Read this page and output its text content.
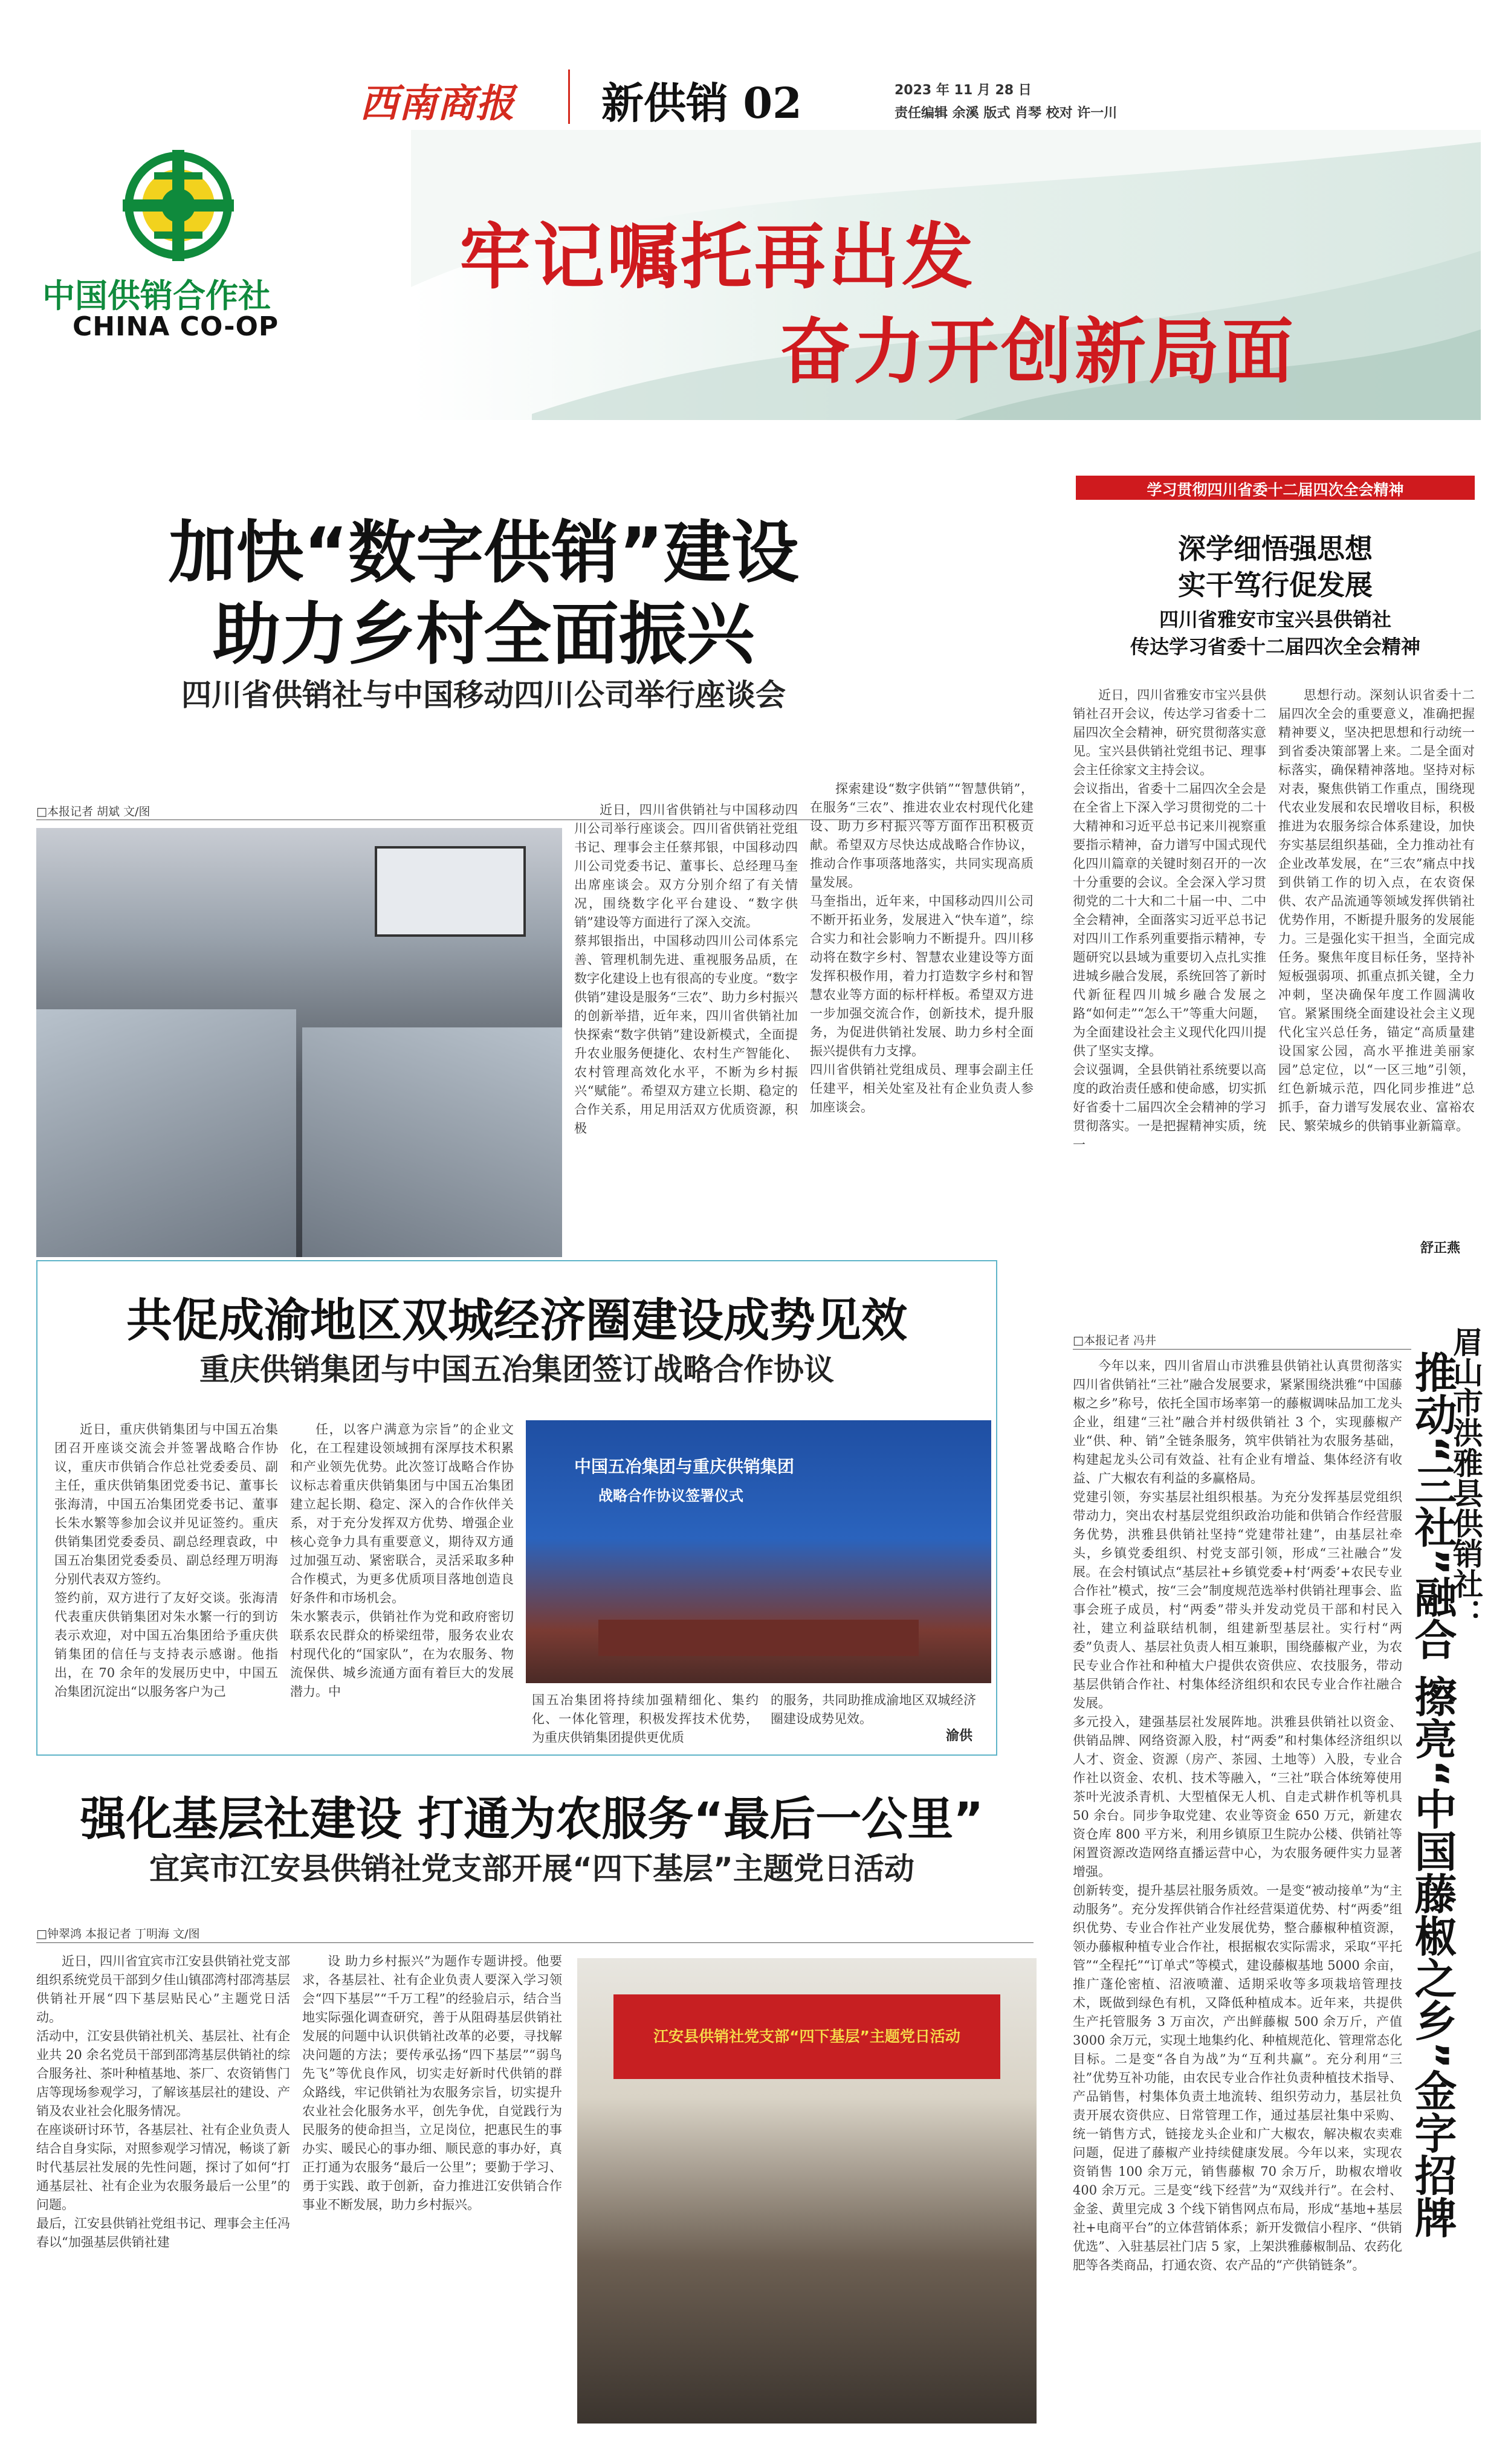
西南商报 新供销 02	2023 年 11 月 28 日
责任编辑 余溪 版式 肖琴 校对 许一川
中国供销合作社
CHINA CO-OP
牢记嘱托再出发
奋力开创新局面
加快“数字供销”建设
助力乡村全面振兴
四川省供销社与中国移动四川公司举行座谈会
□本报记者 胡斌 文/图	近日，四川省供销社与中国移动四川公司举行座谈会。四川省供销社党组书记、理事会主任蔡邦银，中国移动四川公司党委书记、董事长、总经理马奎出席座谈会。双方分别介绍了有关情况，围绕数字化平台建设、“数字供销”建设等方面进行了深入交流。
蔡邦银指出，中国移动四川公司体系完善、管理机制先进、重视服务品质，在数字化建设上也有很高的专业度。“数字供销”建设是服务“三农”、助力乡村振兴的创新举措，近年来，四川省供销社加快探索“数字供销”建设新模式，全面提升农业服务便捷化、农村生产智能化、农村管理高效化水平，不断为乡村振兴“赋能”。希望双方建立长期、稳定的合作关系，用足用活双方优质资源，积极
探索建设“数字供销”“智慧供销”，在服务“三农”、推进农业农村现代化建设、助力乡村振兴等方面作出积极贡献。希望双方尽快达成战略合作协议，推动合作事项落地落实，共同实现高质量发展。
马奎指出，近年来，中国移动四川公司不断开拓业务，发展进入“快车道”，综合实力和社会影响力不断提升。四川移动将在数字乡村、智慧农业建设等方面发挥积极作用，着力打造数字乡村和智慧农业等方面的标杆样板。希望双方进一步加强交流合作，创新技术，提升服务，为促进供销社发展、助力乡村全面振兴提供有力支撑。
四川省供销社党组成员、理事会副主任任建平，相关处室及社有企业负责人参加座谈会。
学习贯彻四川省委十二届四次全会精神
深学细悟强思想
实干笃行促发展
四川省雅安市宝兴县供销社
传达学习省委十二届四次全会精神
近日，四川省雅安市宝兴县供销社召开会议，传达学习省委十二届四次全会精神，研究贯彻落实意见。宝兴县供销社党组书记、理事会主任徐家文主持会议。
会议指出，省委十二届四次全会是在全省上下深入学习贯彻党的二十大精神和习近平总书记来川视察重要指示精神，奋力谱写中国式现代化四川篇章的关键时刻召开的一次十分重要的会议。全会深入学习贯彻党的二十大和二十届一中、二中全会精神，全面落实习近平总书记对四川工作系列重要指示精神，专题研究以县域为重要切入点扎实推进城乡融合发展，系统回答了新时代新征程四川城乡融合发展之路“如何走”“怎么干”等重大问题，为全面建设社会主义现代化四川提供了坚实支撑。
会议强调，全县供销社系统要以高度的政治责任感和使命感，切实抓好省委十二届四次全会精神的学习贯彻落实。一是把握精神实质，统一
思想行动。深刻认识省委十二届四次全会的重要意义，准确把握精神要义，坚决把思想和行动统一到省委决策部署上来。二是全面对标落实，确保精神落地。坚持对标对表，聚焦供销工作重点，围绕现代农业发展和农民增收目标，积极推进为农服务综合体系建设，加快夯实基层组织基础，全力推动社有企业改革发展，在“三农”痛点中找到供销工作的切入点，在农资保供、农产品流通等领域发挥供销社优势作用，不断提升服务的发展能力。三是强化实干担当，全面完成任务。聚焦年度目标任务，坚持补短板强弱项、抓重点抓关键，全力冲刺，坚决确保年度工作圆满收官。紧紧围绕全面建设社会主义现代化宝兴总任务，锚定“高质量建设国家公园，高水平推进美丽家园”总定位，以“一区三地”引领，红色新城示范，四化同步推进”总抓手，奋力谱写发展农业、富裕农民、繁荣城乡的供销事业新篇章。
舒正燕
共促成渝地区双城经济圈建设成势见效
重庆供销集团与中国五冶集团签订战略合作协议
近日，重庆供销集团与中国五冶集团召开座谈交流会并签署战略合作协议，重庆市供销合作总社党委委员、副主任，重庆供销集团党委书记、董事长张海清，中国五冶集团党委书记、董事长朱水繁等参加会议并见证签约。重庆供销集团党委委员、副总经理袁政，中国五冶集团党委委员、副总经理万明海分别代表双方签约。
签约前，双方进行了友好交谈。张海清代表重庆供销集团对朱水繁一行的到访表示欢迎，对中国五冶集团给予重庆供销集团的信任与支持表示感谢。他指出，在 70 余年的发展历史中，中国五冶集团沉淀出“以服务客户为己
任，以客户满意为宗旨”的企业文化，在工程建设领域拥有深厚技术积累和产业领先优势。此次签订战略合作协议标志着重庆供销集团与中国五冶集团建立起长期、稳定、深入的合作伙伴关系，对于充分发挥双方优势、增强企业核心竞争力具有重要意义，期待双方通过加强互动、紧密联合，灵活采取多种合作模式，为更多优质项目落地创造良好条件和市场机会。
朱水繁表示，供销社作为党和政府密切联系农民群众的桥梁纽带，服务农业农村现代化的“国家队”，在为农服务、物流保供、城乡流通方面有着巨大的发展潜力。中
中国五冶集团与重庆供销集团
战略合作协议签署仪式
国五冶集团将持续加强精细化、集约化、一体化管理，积极发挥技术优势，为重庆供销集团提供更优质
的服务，共同助推成渝地区双城经济圈建设成势见效。
渝供
强化基层社建设 打通为农服务“最后一公里”
宜宾市江安县供销社党支部开展“四下基层”主题党日活动
□钟翠鸿 本报记者 丁明海 文/图
近日，四川省宜宾市江安县供销社党支部组织系统党员干部到夕佳山镇邵湾村邵湾基层供销社开展“四下基层贴民心”主题党日活动。
活动中，江安县供销社机关、基层社、社有企业共 20 余名党员干部到邵湾基层供销社的综合服务社、茶叶种植基地、茶厂、农资销售门店等现场参观学习，了解该基层社的建设、产销及农业社会化服务情况。
在座谈研讨环节，各基层社、社有企业负责人结合自身实际，对照参观学习情况，畅谈了新时代基层社发展的先性问题，探讨了如何“打通基层社、社有企业为农服务最后一公里”的问题。
最后，江安县供销社党组书记、理事会主任冯春以“加强基层供销社建
设 助力乡村振兴”为题作专题讲授。他要求，各基层社、社有企业负责人要深入学习领会“四下基层”“千万工程”的经验启示，结合当地实际强化调查研究，善于从阻碍基层供销社发展的问题中认识供销社改革的必要，寻找解决问题的方法；要传承弘扬“四下基层”“弱鸟先飞”等优良作风，切实走好新时代供销的群众路线，牢记供销社为农服务宗旨，切实提升农业社会化服务水平，创先争优，自觉践行为民服务的使命担当，立足岗位，把惠民生的事办实、暖民心的事办细、顺民意的事办好，真正打通为农服务“最后一公里”；要勤于学习、勇于实践、敢于创新，奋力推进江安供销合作事业不断发展，助力乡村振兴。
江安县供销社党支部“四下基层”主题党日活动
□本报记者 冯井	眉山市洪雅县供销社：
推动“三社”融合 擦亮“中国藤椒之乡”金字招牌
今年以来，四川省眉山市洪雅县供销社认真贯彻落实四川省供销社“三社”融合发展要求，紧紧围绕洪雅“中国藤椒之乡”称号，依托全国市场率第一的藤椒调味品加工龙头企业，组建“三社”融合并村级供销社 3 个，实现藤椒产业“供、种、销”全链条服务，筑牢供销社为农服务基础，构建起龙头公司有效益、社有企业有增益、集体经济有收益、广大椒农有利益的多赢格局。
党建引领，夯实基层社组织根基。为充分发挥基层党组织带动力，突出农村基层党组织政治功能和供销合作经营服务优势，洪雅县供销社坚持“党建带社建”，由基层社牵头，乡镇党委组织、村党支部引领，形成“三社融合”发展。在会村镇试点“基层社+乡镇党委+村‘两委’+农民专业合作社”模式，按“三会”制度规范选举村供销社理事会、监事会班子成员，村“两委”带头并发动党员干部和村民入社，建立利益联结机制，组建新型基层社。实行村“两委”负责人、基层社负责人相互兼职，围绕藤椒产业，为农民专业合作社和种植大户提供农资供应、农技服务，带动基层供销合作社、村集体经济组织和农民专业合作社融合发展。
多元投入，建强基层社发展阵地。洪雅县供销社以资金、供销品牌、网络资源入股，村“两委”和村集体经济组织以人才、资金、资源（房产、茶园、土地等）入股，专业合作社以资金、农机、技术等融入，“三社”联合体统筹使用茶叶光波杀青机、大型植保无人机、自走式耕作机等机具 50 余台。同步争取党建、农业等资金 650 万元，新建农资仓库 800 平方米，利用乡镇原卫生院办公楼、供销社等闲置资源改造网络直播运营中心，为农服务硬件实力显著增强。
创新转变，提升基层社服务质效。一是变“被动接单”为“主动服务”。充分发挥供销合作社经营渠道优势、村“两委”组织优势、专业合作社产业发展优势，整合藤椒种植资源，领办藤椒种植专业合作社，根据椒农实际需求，采取“平托管”“全程托”“订单式”等模式，建设藤椒基地 5000 余亩，推广蓬伦密植、沼液喷灌、适期采收等多项栽培管理技术，既做到绿色有机，又降低种植成本。近年来，共提供生产托管服务 3 万亩次，产出鲜藤椒 500 余万斤，产值 3000 余万元，实现土地集约化、种植规范化、管理常态化目标。二是变“各自为战”为“互利共赢”。充分利用“三社”优势互补功能，由农民专业合作社负责种植技术指导、产品销售，村集体负责土地流转、组织劳动力，基层社负责开展农资供应、日常管理工作，通过基层社集中采购、统一销售方式，链接龙头企业和广大椒农，解决椒农卖难问题，促进了藤椒产业持续健康发展。今年以来，实现农资销售 100 余万元，销售藤椒 70 余万斤，助椒农增收 400 余万元。三是变“线下经营”为“双线并行”。在会村、金釜、黄里完成 3 个线下销售网点布局，形成“基地+基层社+电商平台”的立体营销体系；新开发微信小程序、“供销优选”、入驻基层社门店 5 家，上架洪雅藤椒制品、农药化肥等各类商品，打通农资、农产品的“产供销链条”。
